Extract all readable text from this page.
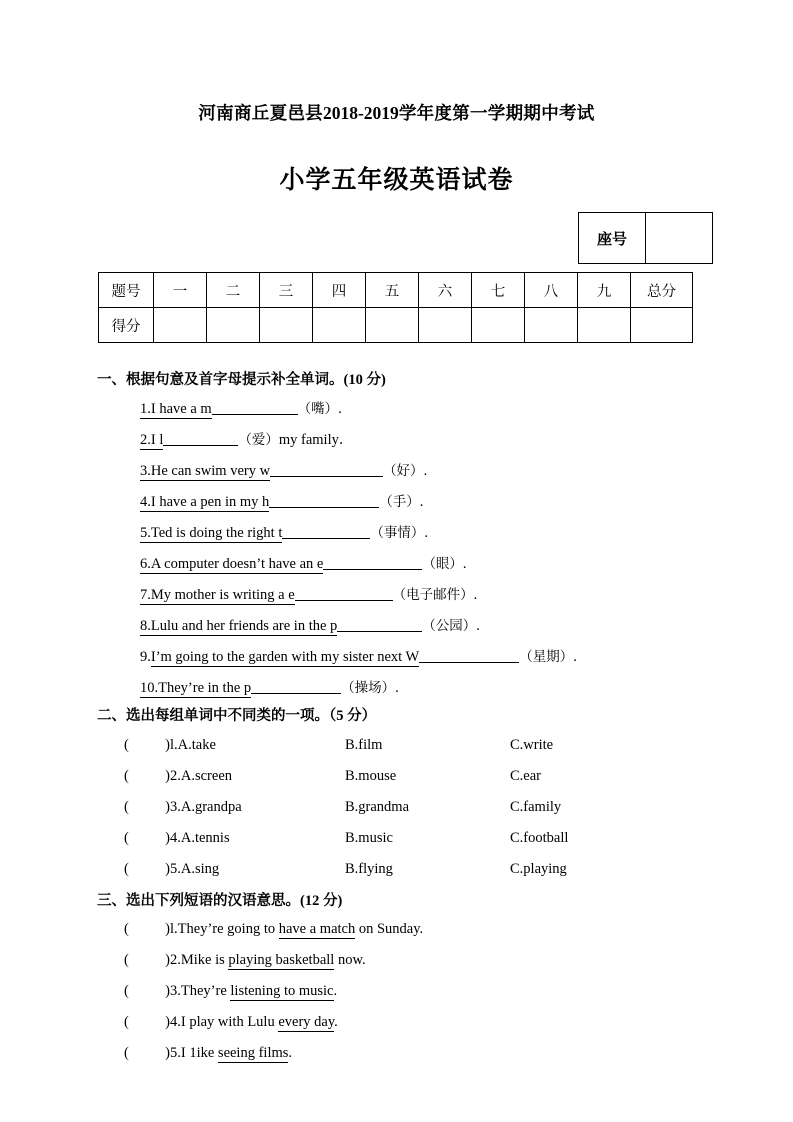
河南商丘夏邑县2018-2019学年度第一学期期中考试
小学五年级英语试卷
座号
题号	一	二	三	四	五	六	七	八	九	总分
得分										
一、根据句意及首字母提示补全单词。(10 分)
1.I have a m	（嘴）.
2.I l	（爱）my family．
3.He can swim very w	（好）.
4.I have a pen in my h	（手）.
5.Ted is doing the right t	（事情）.
6.A computer doesn’t have an e	（眼）.
7.My mother is writing a e	（电子邮件）.
8.Lulu and her friends are in the p	（公园）.
9.I’m going to the garden with my sister next W	（星期）.
10.They’re in the p	（操场）.
二、选出每组单词中不同类的一项。（5 分）
(	) l.A.take	B.film	C.write
(	) 2.A.screen	B.mouse	C.ear
(	) 3.A.grandpa	B.grandma	C.family
(	) 4.A.tennis	B.music	C.football
(	) 5.A.sing	B.flying	C.playing
三、选出下列短语的汉语意思。(12 分)
(	) l.They’re going to have a match on Sunday.
(	) 2.Mike is playing basketball now.
(	) 3.They’re listening to music.
(	) 4.I play with Lulu every day.
(	) 5.I 1ike seeing films.
